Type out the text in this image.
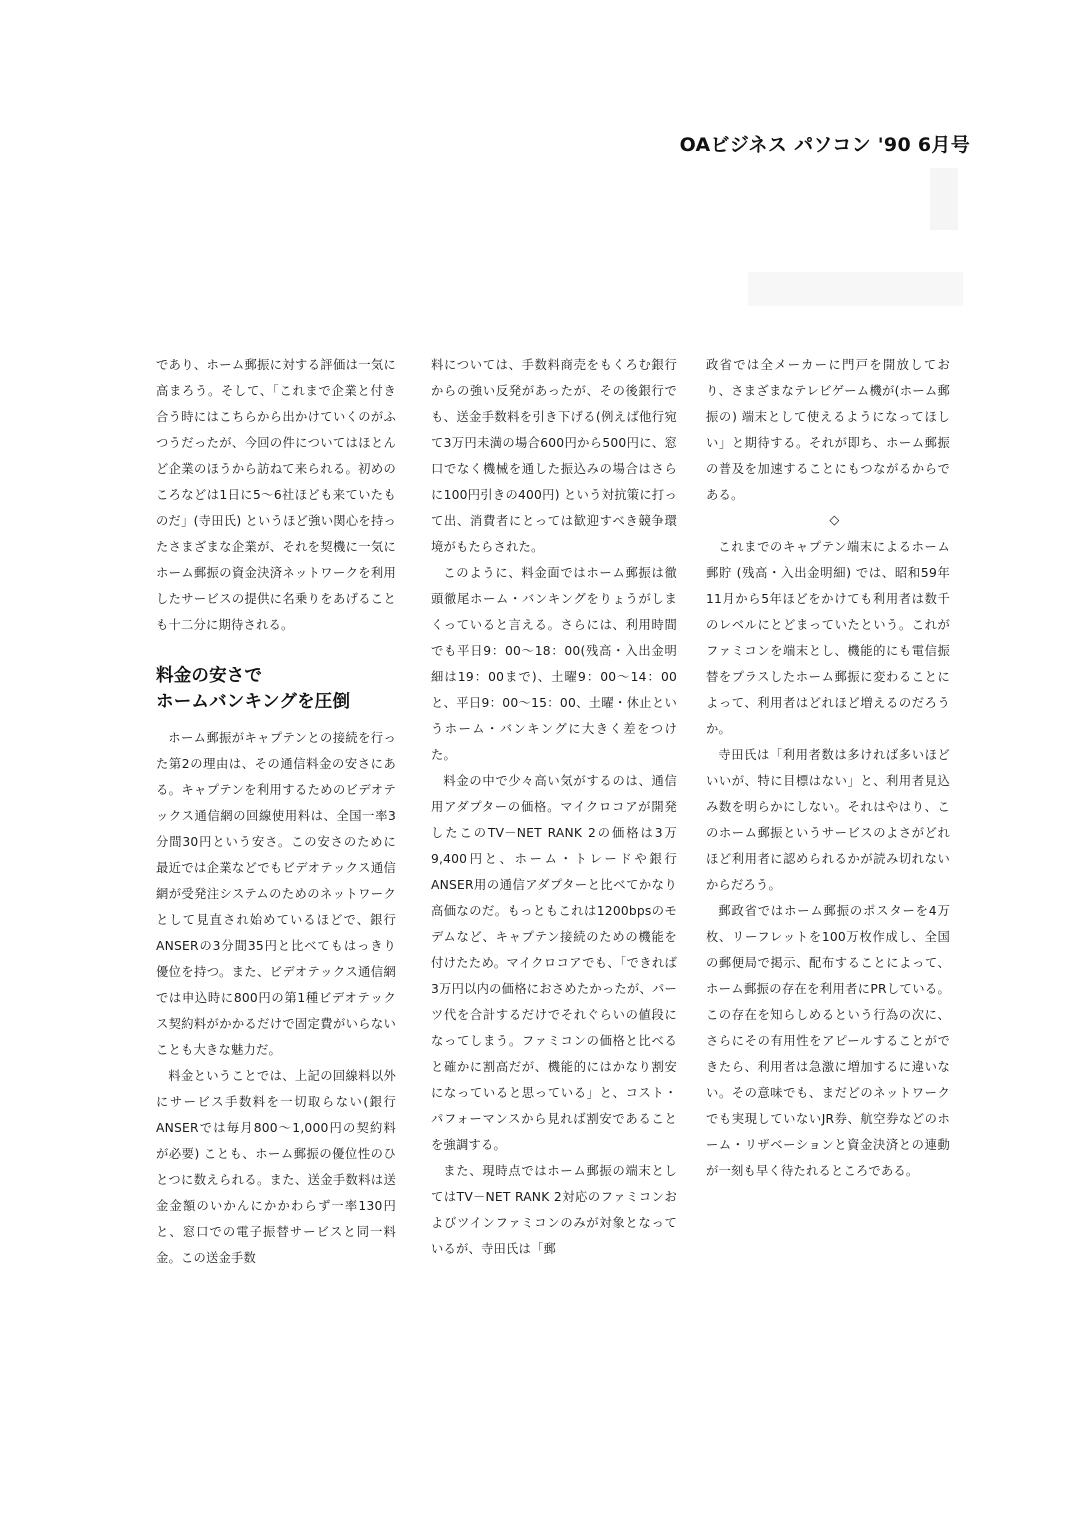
OAビジネス パソコン '90 6月号

であり、ホーム郵振に対する評価は一気に高まろう。そして、「これまで企業と付き合う時にはこちらから出かけていくのがふつうだったが、今回の件についてはほとんど企業のほうから訪ねて来られる。初めのころなどは1日に5～6社ほども来ていたものだ」(寺田氏) というほど強い関心を持ったさまざまな企業が、それを契機に一気にホーム郵振の資金決済ネットワークを利用したサービスの提供に名乗りをあげることも十二分に期待される。

料金の安さで
ホームバンキングを圧倒

ホーム郵振がキャプテンとの接続を行った第2の理由は、その通信料金の安さにある。キャプテンを利用するためのビデオテックス通信網の回線使用料は、全国一率3分間30円という安さ。この安さのために最近では企業などでもビデオテックス通信網が受発注システムのためのネットワークとして見直され始めているほどで、銀行ANSERの3分間35円と比べてもはっきり優位を持つ。また、ビデオテックス通信網では申込時に800円の第1種ビデオテックス契約料がかかるだけで固定費がいらないことも大きな魅力だ。

料金ということでは、上記の回線料以外にサービス手数料を一切取らない(銀行ANSERでは毎月800～1,000円の契約料が必要) ことも、ホーム郵振の優位性のひとつに数えられる。また、送金手数料は送金金額のいかんにかかわらず一率130円と、窓口での電子振替サービスと同一料金。この送金手数

料については、手数料商売をもくろむ銀行からの強い反発があったが、その後銀行でも、送金手数料を引き下げる(例えば他行宛て3万円未満の場合600円から500円に、窓口でなく機械を通した振込みの場合はさらに100円引きの400円) という対抗策に打って出、消費者にとっては歓迎すべき競争環境がもたらされた。

このように、料金面ではホーム郵振は徹頭徹尾ホーム・バンキングをりょうがしまくっていると言える。さらには、利用時間でも平日9：00～18：00(残高・入出金明細は19：00まで)、土曜9：00～14：00と、平日9：00～15：00、土曜・休止というホーム・バンキングに大きく差をつけた。

料金の中で少々高い気がするのは、通信用アダプターの価格。マイクロコアが開発したこのTV－NET RANK 2の価格は3万9,400円と、ホーム・トレードや銀行ANSER用の通信アダプターと比べてかなり高価なのだ。もっともこれは1200bpsのモデムなど、キャプテン接続のための機能を付けたため。マイクロコアでも、「できれば3万円以内の価格におさめたかったが、パーツ代を合計するだけでそれぐらいの値段になってしまう。ファミコンの価格と比べると確かに割高だが、機能的にはかなり割安になっていると思っている」と、コスト・パフォーマンスから見れば割安であることを強調する。

また、現時点ではホーム郵振の端末としてはTV－NET RANK 2対応のファミコンおよびツインファミコンのみが対象となっているが、寺田氏は「郵

政省では全メーカーに門戸を開放しており、さまざまなテレビゲーム機が(ホーム郵振の) 端末として使えるようになってほしい」と期待する。それが即ち、ホーム郵振の普及を加速することにもつながるからである。

◇

これまでのキャプテン端末によるホーム郵貯 (残高・入出金明細) では、昭和59年11月から5年ほどをかけても利用者は数千のレベルにとどまっていたという。これがファミコンを端末とし、機能的にも電信振替をプラスしたホーム郵振に変わることによって、利用者はどれほど増えるのだろうか。

寺田氏は「利用者数は多ければ多いほどいいが、特に目標はない」と、利用者見込み数を明らかにしない。それはやはり、このホーム郵振というサービスのよさがどれほど利用者に認められるかが読み切れないからだろう。

郵政省ではホーム郵振のポスターを4万枚、リーフレットを100万枚作成し、全国の郵便局で掲示、配布することによって、ホーム郵振の存在を利用者にPRしている。この存在を知らしめるという行為の次に、さらにその有用性をアピールすることができたら、利用者は急激に増加するに違いない。その意味でも、まだどのネットワークでも実現していないJR券、航空券などのホーム・リザベーションと資金決済との連動が一刻も早く待たれるところである。
